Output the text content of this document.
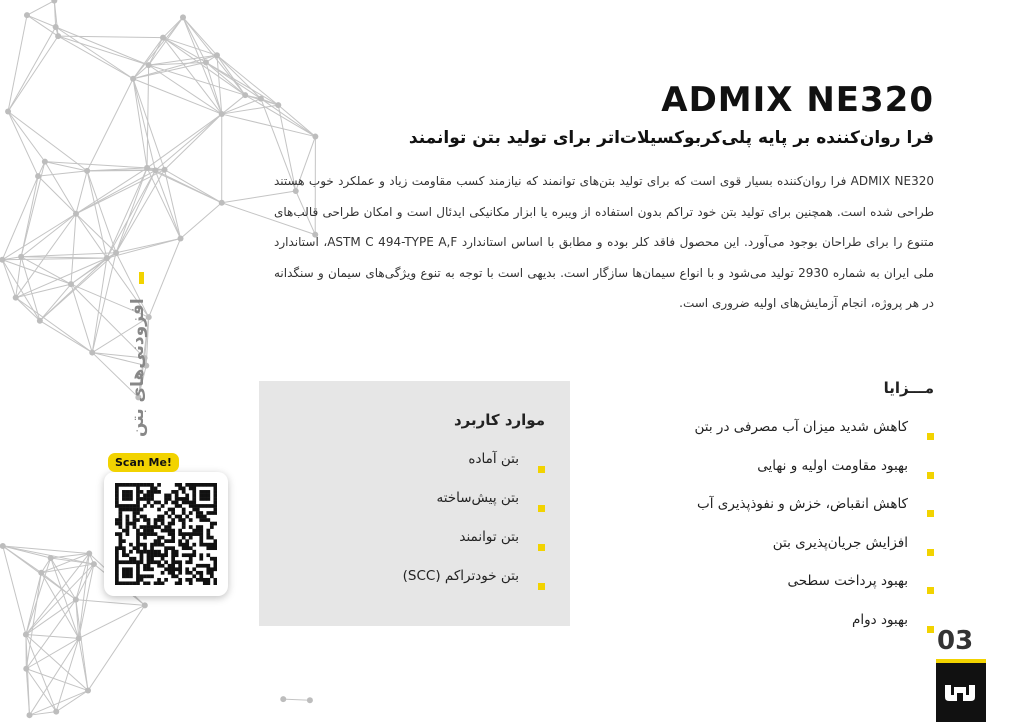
ADMIX NE320
فرا روان‌کننده بر پایه پلی‌کربوکسیلات‌اتر برای تولید بتن توانمند
ADMIX NE320 فرا روان‌کننده بسیار قوی است که برای تولید بتن‌های توانمند که نیازمند کسب مقاومت زیاد و عملکرد خوب هستند طراحی شده است. همچنین برای تولید بتن خود تراکم بدون استفاده از ویبره یا ابزار مکانیکی ایدئال است و امکان طراحی قالب‌های متنوع را برای طراحان بوجود می‌آورد. این محصول فاقد کلر بوده و مطابق با اساس استاندارد ASTM C 494-TYPE A,F، استاندارد ملی ایران به شماره 2930 تولید می‌شود و با انواع سیمان‌ها سازگار است. بدیهی است با توجه به تنوع ویژگی‌های سیمان و سنگدانه در هر پروژه، انجام آزمایش‌های اولیه ضروری است.
افزودنی‌های بتن
Scan Me!
موارد کاربرد
بتن آماده
بتن پیش‌ساخته
بتن توانمند
بتن خودتراکم (SCC)
مـــزایا
کاهش شدید میزان آب مصرفی در بتن
بهبود مقاومت اولیه و نهایی
کاهش انقباض، خزش و نفوذپذیری آب
افزایش جریان‌پذیری بتن
بهبود پرداخت سطحی
بهبود دوام
03
